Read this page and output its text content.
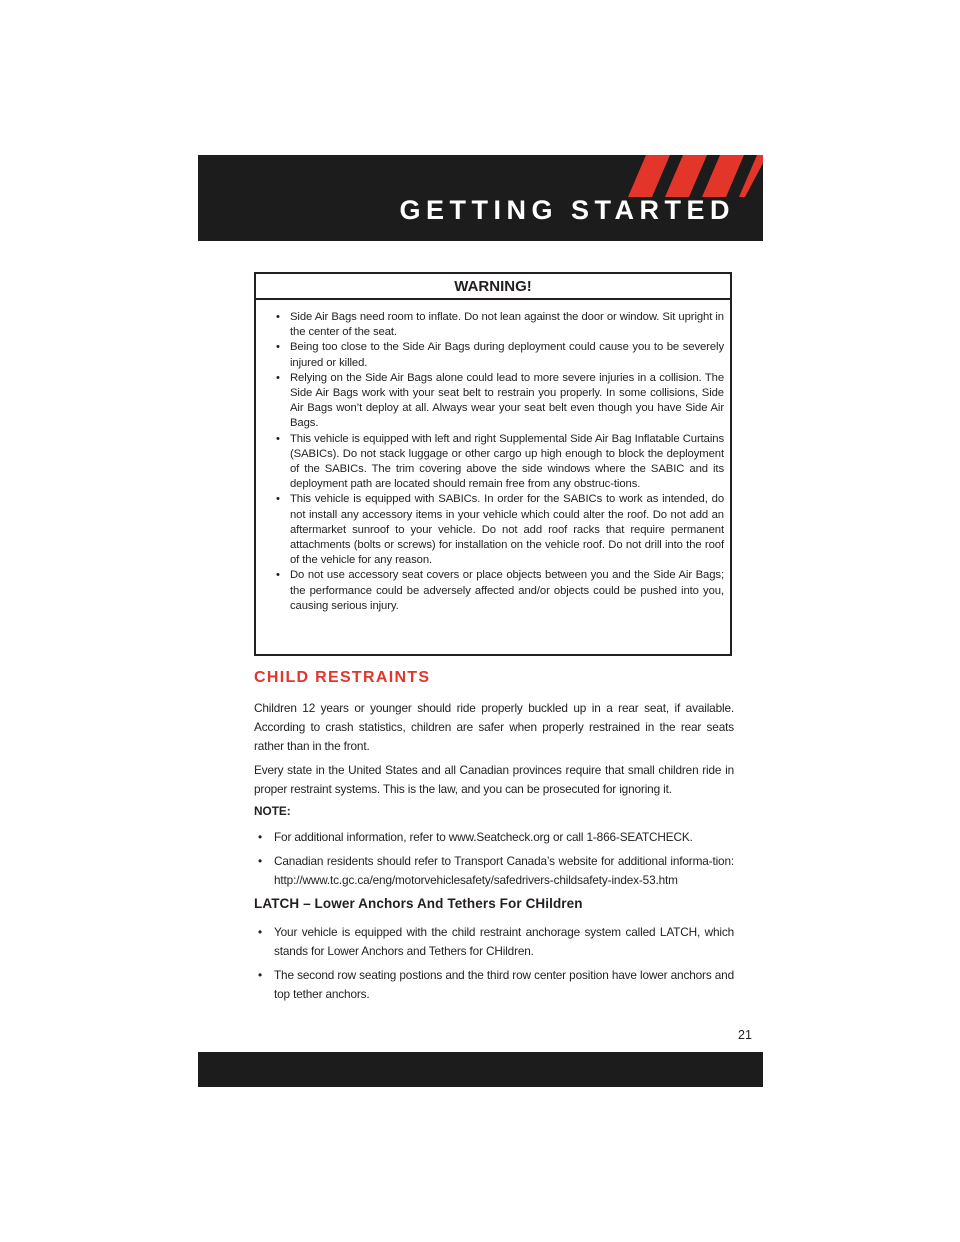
GETTING STARTED
WARNING!
• Side Air Bags need room to inflate. Do not lean against the door or window. Sit upright in the center of the seat.
• Being too close to the Side Air Bags during deployment could cause you to be severely injured or killed.
• Relying on the Side Air Bags alone could lead to more severe injuries in a collision. The Side Air Bags work with your seat belt to restrain you properly. In some collisions, Side Air Bags won’t deploy at all. Always wear your seat belt even though you have Side Air Bags.
• This vehicle is equipped with left and right Supplemental Side Air Bag Inflatable Curtains (SABICs). Do not stack luggage or other cargo up high enough to block the deployment of the SABICs. The trim covering above the side windows where the SABIC and its deployment path are located should remain free from any obstruc-tions.
• This vehicle is equipped with SABICs. In order for the SABICs to work as intended, do not install any accessory items in your vehicle which could alter the roof. Do not add an aftermarket sunroof to your vehicle. Do not add roof racks that require permanent attachments (bolts or screws) for installation on the vehicle roof. Do not drill into the roof of the vehicle for any reason.
• Do not use accessory seat covers or place objects between you and the Side Air Bags; the performance could be adversely affected and/or objects could be pushed into you, causing serious injury.
CHILD RESTRAINTS

Children 12 years or younger should ride properly buckled up in a rear seat, if available. According to crash statistics, children are safer when properly restrained in the rear seats rather than in the front.

Every state in the United States and all Canadian provinces require that small children ride in proper restraint systems. This is the law, and you can be prosecuted for ignoring it.

NOTE:
• For additional information, refer to www.Seatcheck.org or call 1-866-SEATCHECK.
• Canadian residents should refer to Transport Canada’s website for additional informa-tion: http://www.tc.gc.ca/eng/motorvehiclesafety/safedrivers-childsafety-index-53.htm
LATCH – Lower Anchors And Tethers For CHildren
• Your vehicle is equipped with the child restraint anchorage system called LATCH, which stands for Lower Anchors and Tethers for CHildren.
• The second row seating postions and the third row center position have lower anchors and top tether anchors.
21
